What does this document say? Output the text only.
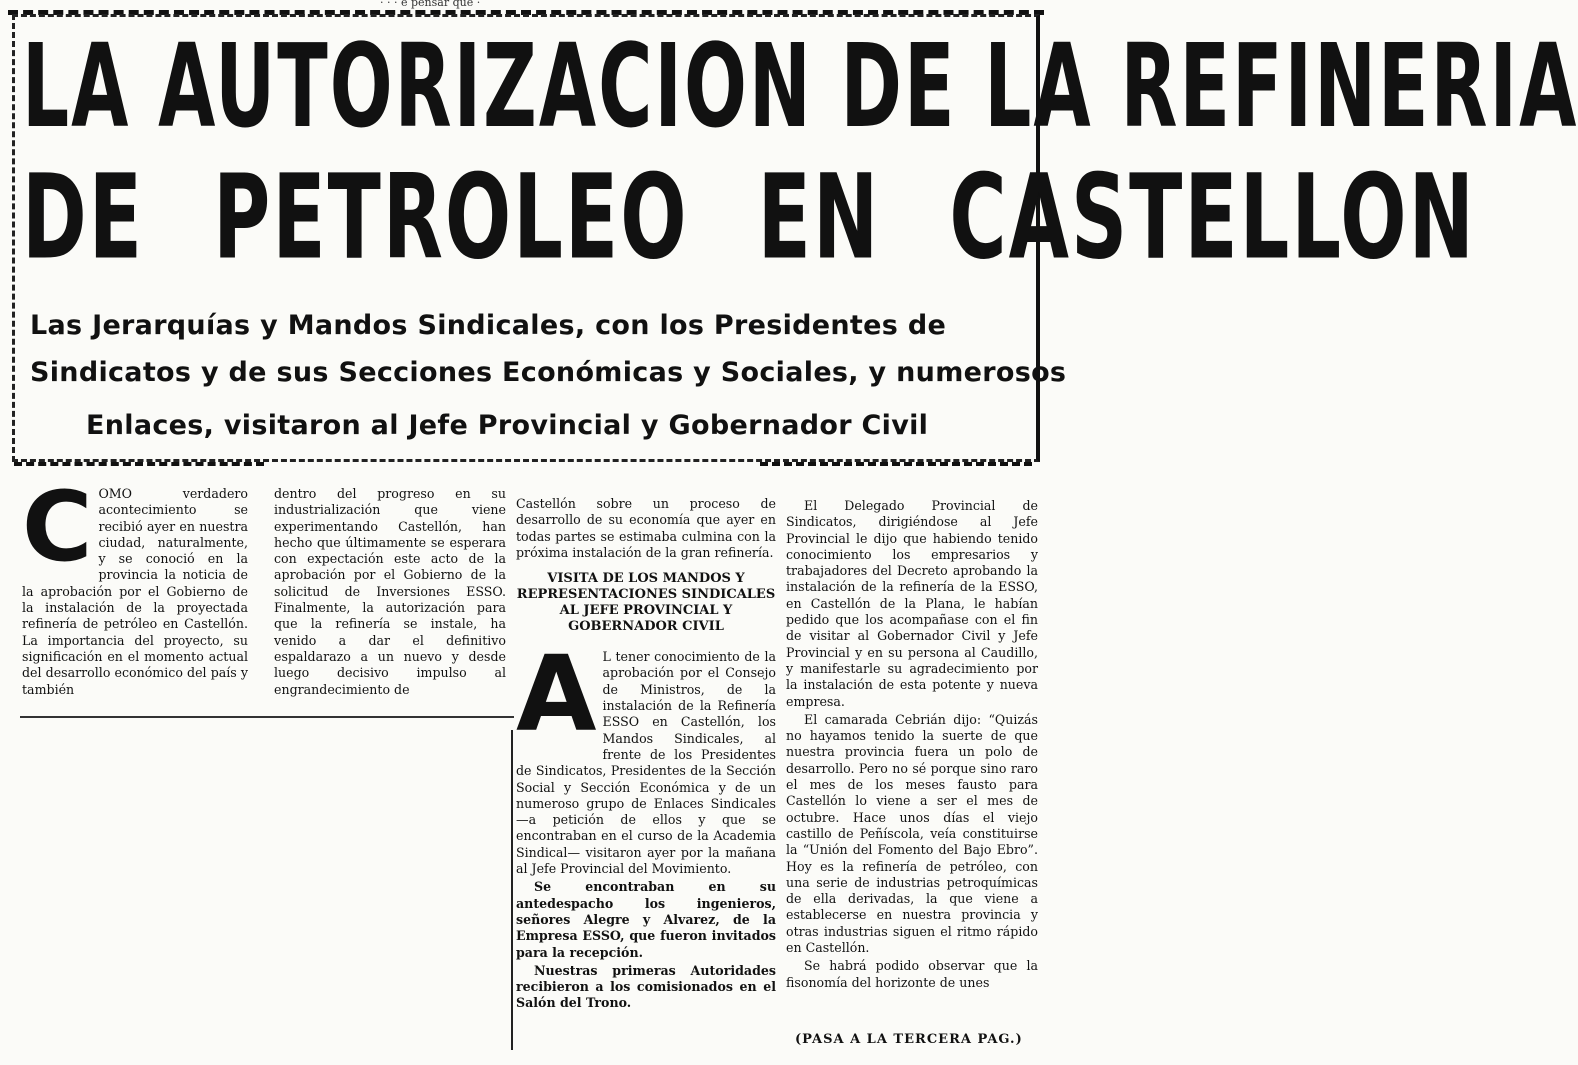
· · · e pensar que ·
LA AUTORIZACION DE LA REFINERIA
DE PETROLEO EN CASTELLON
Las Jerarquías y Mandos Sindicales, con los Presidentes de
Sindicatos y de sus Secciones Económicas y Sociales, y numerosos
Enlaces, visitaron al Jefe Provincial y Gobernador Civil
C OMO verdadero acontecimiento se recibió ayer en nuestra ciudad, naturalmente, y se conoció en la provincia la noticia de la aprobación por el Gobierno de la instalación de la proyectada refinería de petróleo en Castellón. La importancia del proyecto, su significación en el momento actual del desarrollo económico del país y también

dentro del progreso en su industrialización que viene experimentando Castellón, han hecho que últimamente se esperara con expectación este acto de la aprobación por el Gobierno de la solicitud de Inversiones ESSO. Finalmente, la autorización para que la refinería se instale, ha venido a dar el definitivo espaldarazo a un nuevo y desde luego decisivo impulso al engrandecimiento de

Castellón sobre un proceso de desarrollo de su economía que ayer en todas partes se estimaba culmina con la próxima instalación de la gran refinería.

VISITA DE LOS MANDOS Y REPRESENTACIONES SINDICALES AL JEFE PROVINCIAL Y GOBERNADOR CIVIL
A L tener conocimiento de la aprobación por el Consejo de Ministros, de la instalación de la Refinería ESSO en Castellón, los Mandos Sindicales, al frente de los Presidentes de Sindicatos, Presidentes de la Sección Social y Sección Económica y de un numeroso grupo de Enlaces Sindicales —a petición de ellos y que se encontraban en el curso de la Academia Sindical— visitaron ayer por la mañana al Jefe Provincial del Movimiento.

Se encontraban en su antedespacho los ingenieros, señores Alegre y Alvarez, de la Empresa ESSO, que fueron invitados para la recepción.

Nuestras primeras Autoridades recibieron a los comisionados en el Salón del Trono.

El Delegado Provincial de Sindicatos, dirigiéndose al Jefe Provincial le dijo que habiendo tenido conocimiento los empresarios y trabajadores del Decreto aprobando la instalación de la refinería de la ESSO, en Castellón de la Plana, le habían pedido que los acompañase con el fin de visitar al Gobernador Civil y Jefe Provincial y en su persona al Caudillo, y manifestarle su agradecimiento por la instalación de esta potente y nueva empresa.

El camarada Cebrián dijo: “Quizás no hayamos tenido la suerte de que nuestra provincia fuera un polo de desarrollo. Pero no sé porque sino raro el mes de los meses fausto para Castellón lo viene a ser el mes de octubre. Hace unos días el viejo castillo de Peñíscola, veía constituirse la “Unión del Fomento del Bajo Ebro”. Hoy es la refinería de petróleo, con una serie de industrias petroquímicas de ella derivadas, la que viene a establecerse en nuestra provincia y otras industrias siguen el ritmo rápido en Castellón.

Se habrá podido observar que la fisonomía del horizonte de unes

(PASA A LA TERCERA PAG.)
